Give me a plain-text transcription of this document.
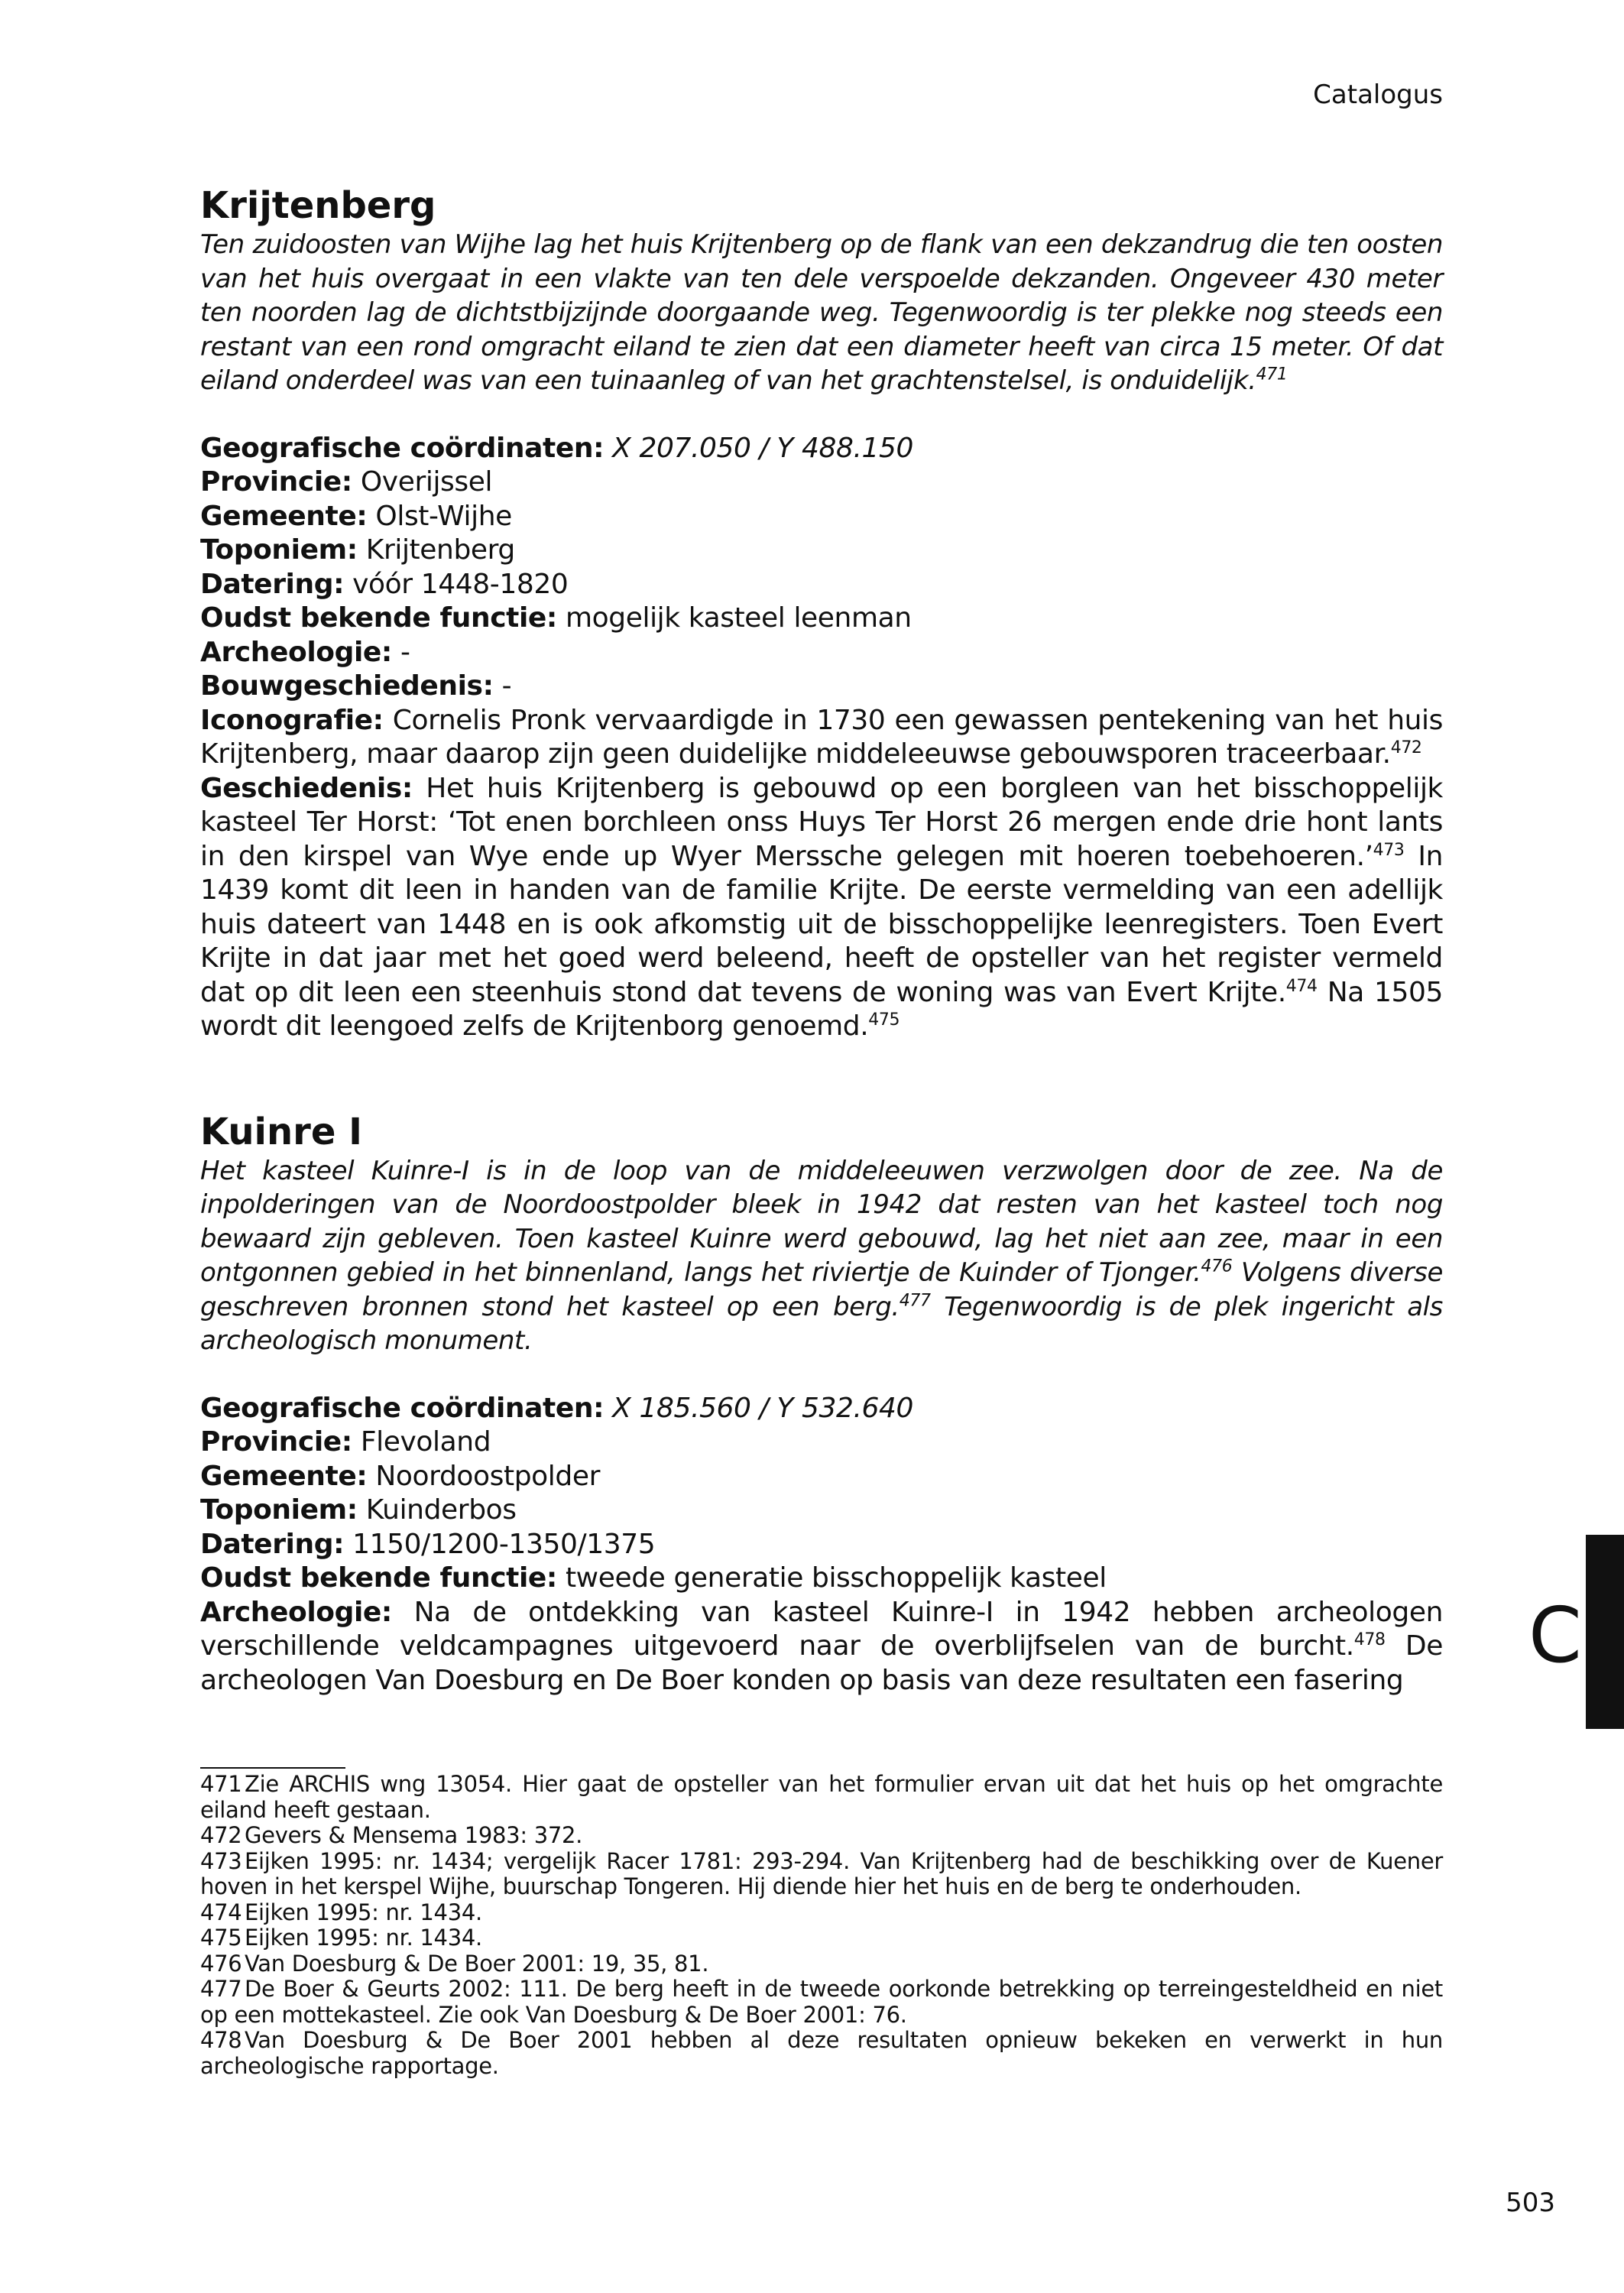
Catalogus
Krijtenberg

Ten zuidoosten van Wijhe lag het huis Krijtenberg op de flank van een dekzandrug die ten oosten van het huis overgaat in een vlakte van ten dele verspoelde dekzanden. Ongeveer 430 meter ten noorden lag de dichtstbijzijnde doorgaande weg. Tegenwoordig is ter plekke nog steeds een restant van een rond omgracht eiland te zien dat een diameter heeft van circa 15 meter. Of dat eiland onderdeel was van een tuinaanleg of van het grachtenstelsel, is onduidelijk.$^{471}$

Geografische coördinaten: X 207.050 / Y 488.150

Provincie: Overijssel

Gemeente: Olst-Wijhe

Toponiem: Krijtenberg

Datering: vóór 1448-1820

Oudst bekende functie: mogelijk kasteel leenman

Archeologie: -

Bouwgeschiedenis: -

Iconografie: Cornelis Pronk vervaardigde in 1730 een gewassen pentekening van het huis Krijtenberg, maar daarop zijn geen duidelijke middeleeuwse gebouwsporen traceerbaar.$^{472}$

Geschiedenis: Het huis Krijtenberg is gebouwd op een borgleen van het bisschoppelijk kasteel Ter Horst: ‘Tot enen borchleen onss Huys Ter Horst 26 mergen ende drie hont lants in den kirspel van Wye ende up Wyer Merssche gelegen mit hoeren toebehoeren.’$^{473}$ In 1439 komt dit leen in handen van de familie Krijte. De eerste vermelding van een adellijk huis dateert van 1448 en is ook afkomstig uit de bisschoppelijke leenregisters. Toen Evert Krijte in dat jaar met het goed werd beleend, heeft de opsteller van het register vermeld dat op dit leen een steenhuis stond dat tevens de woning was van Evert Krijte.$^{474}$ Na 1505 wordt dit leengoed zelfs de Krijtenborg genoemd.$^{475}$

Kuinre I

Het kasteel Kuinre-I is in de loop van de middeleeuwen verzwolgen door de zee. Na de inpolderingen van de Noordoostpolder bleek in 1942 dat resten van het kasteel toch nog bewaard zijn gebleven. Toen kasteel Kuinre werd gebouwd, lag het niet aan zee, maar in een ontgonnen gebied in het binnenland, langs het riviertje de Kuinder of Tjonger.$^{476}$ Volgens diverse geschreven bronnen stond het kasteel op een berg.$^{477}$ Tegenwoordig is de plek ingericht als archeologisch monument.

Geografische coördinaten: X 185.560 / Y 532.640

Provincie: Flevoland

Gemeente: Noordoostpolder

Toponiem: Kuinderbos

Datering: 1150/1200-1350/1375

Oudst bekende functie: tweede generatie bisschoppelijk kasteel

Archeologie: Na de ontdekking van kasteel Kuinre-I in 1942 hebben archeologen verschillende veldcampagnes uitgevoerd naar de overblijfselen van de burcht.$^{478}$ De archeologen Van Doesburg en De Boer konden op basis van deze resultaten een fasering

471 Zie ARCHIS wng 13054. Hier gaat de opsteller van het formulier ervan uit dat het huis op het omgrachte eiland heeft gestaan.

472 Gevers & Mensema 1983: 372.

473 Eijken 1995: nr. 1434; vergelijk Racer 1781: 293-294. Van Krijtenberg had de beschikking over de Kuener hoven in het kerspel Wijhe, buurschap Tongeren. Hij diende hier het huis en de berg te onderhouden.

474 Eijken 1995: nr. 1434.

475 Eijken 1995: nr. 1434.

476 Van Doesburg & De Boer 2001: 19, 35, 81.

477 De Boer & Geurts 2002: 111. De berg heeft in de tweede oorkonde betrekking op terreingesteldheid en niet op een mottekasteel. Zie ook Van Doesburg & De Boer 2001: 76.

478 Van Doesburg & De Boer 2001 hebben al deze resultaten opnieuw bekeken en verwerkt in hun archeologische rapportage.

C
503
